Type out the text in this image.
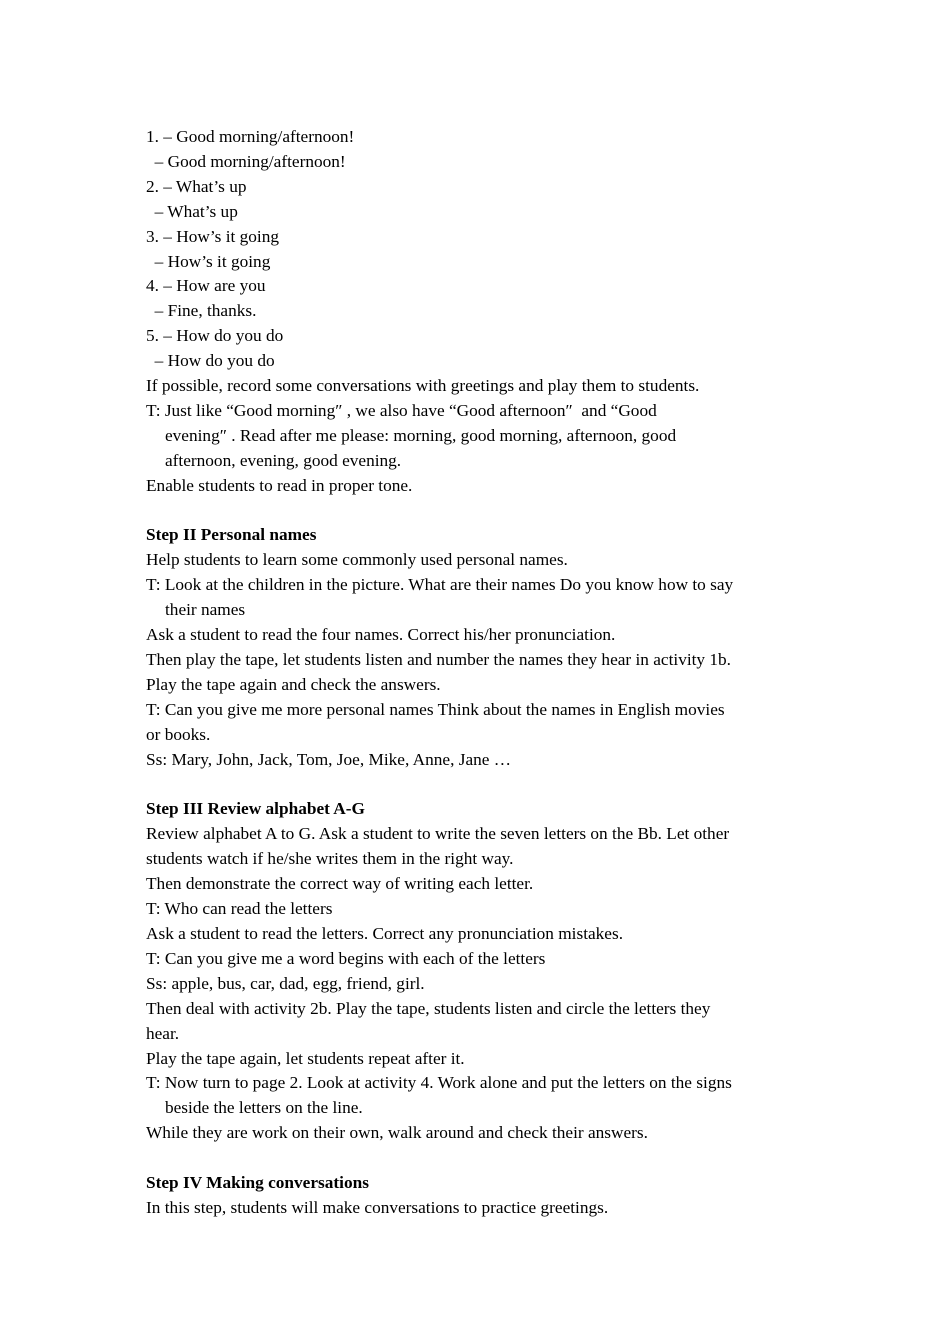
1. – Good morning/afternoon!
– Good morning/afternoon!
2. – What’s up
– What’s up
3. – How’s it going
– How’s it going
4. – How are you
– Fine, thanks.
5. – How do you do
– How do you do
If possible, record some conversations with greetings and play them to students.
T: Just like “Good morning″ , we also have “Good afternoon″  and “Good
evening″ . Read after me please: morning, good morning, afternoon, good
afternoon, evening, good evening.
Enable students to read in proper tone.
Step II Personal names
Help students to learn some commonly used personal names.
T: Look at the children in the picture. What are their names Do you know how to say
their names
Ask a student to read the four names. Correct his/her pronunciation.
Then play the tape, let students listen and number the names they hear in activity 1b.
Play the tape again and check the answers.
T: Can you give me more personal names Think about the names in English movies
or books.
Ss: Mary, John, Jack, Tom, Joe, Mike, Anne, Jane …
Step III Review alphabet A-G
Review alphabet A to G. Ask a student to write the seven letters on the Bb. Let other
students watch if he/she writes them in the right way.
Then demonstrate the correct way of writing each letter.
T: Who can read the letters
Ask a student to read the letters. Correct any pronunciation mistakes.
T: Can you give me a word begins with each of the letters
Ss: apple, bus, car, dad, egg, friend, girl.
Then deal with activity 2b. Play the tape, students listen and circle the letters they
hear.
Play the tape again, let students repeat after it.
T: Now turn to page 2. Look at activity 4. Work alone and put the letters on the signs
beside the letters on the line.
While they are work on their own, walk around and check their answers.
Step IV Making conversations
In this step, students will make conversations to practice greetings.
